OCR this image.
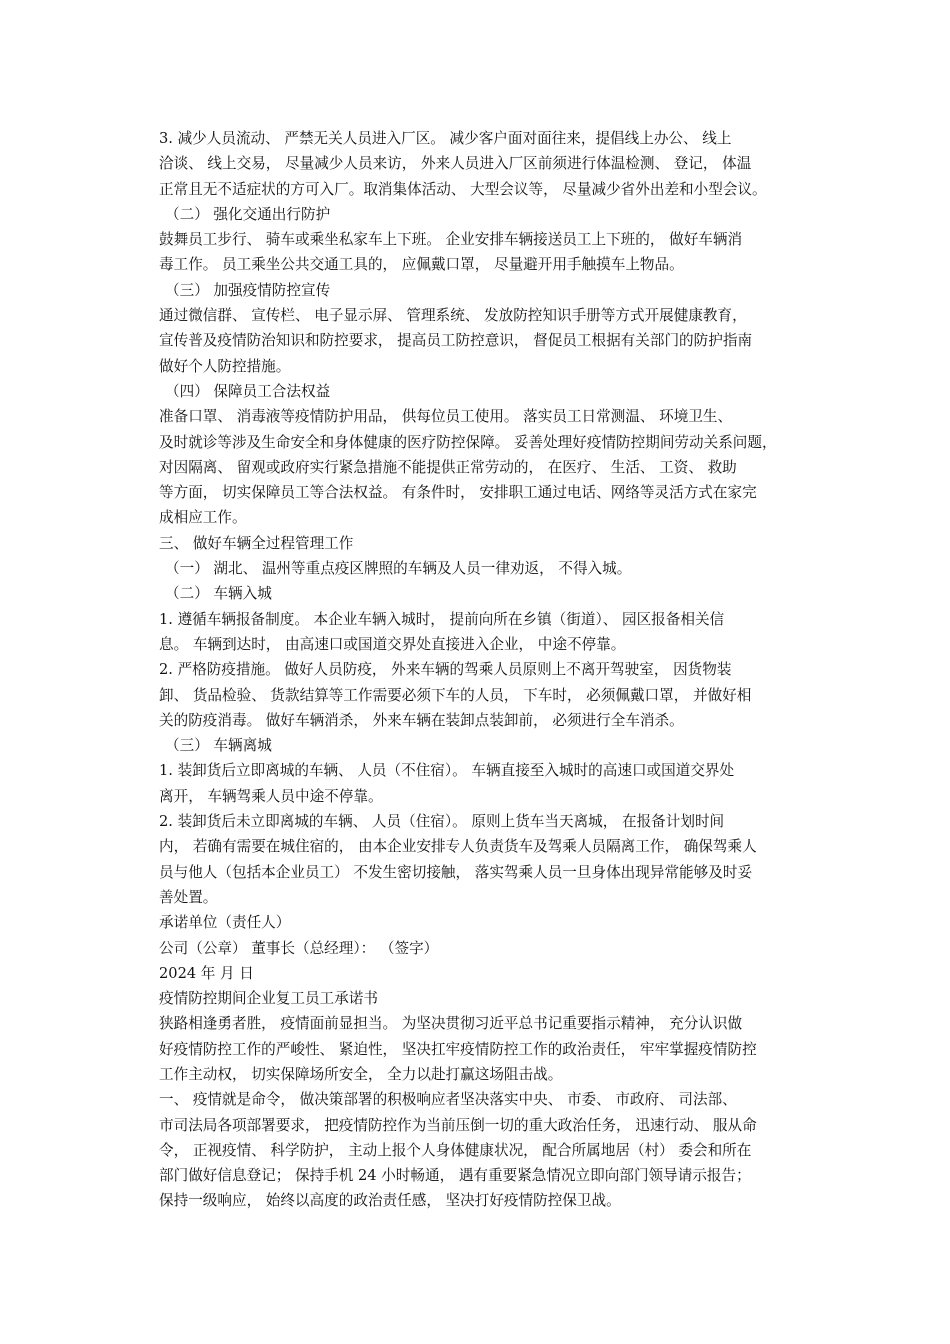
3. 减少人员流动、 严禁无关人员进入厂区。 减少客户面对面往来，提倡线上办公、 线上
洽谈、 线上交易， 尽量减少人员来访， 外来人员进入厂区前须进行体温检测、 登记， 体温
正常且无不适症状的方可入厂。取消集体活动、 大型会议等， 尽量减少省外出差和小型会议。

（二） 强化交通出行防护

鼓舞员工步行、 骑车或乘坐私家车上下班。 企业安排车辆接送员工上下班的， 做好车辆消
毒工作。 员工乘坐公共交通工具的， 应佩戴口罩， 尽量避开用手触摸车上物品。

（三） 加强疫情防控宣传

通过微信群、 宣传栏、 电子显示屏、 管理系统、 发放防控知识手册等方式开展健康教育，
宣传普及疫情防治知识和防控要求， 提高员工防控意识， 督促员工根据有关部门的防护指南
做好个人防控措施。

（四） 保障员工合法权益

准备口罩、 消毒液等疫情防护用品， 供每位员工使用。 落实员工日常测温、 环境卫生、
及时就诊等涉及生命安全和身体健康的医疗防控保障。 妥善处理好疫情防控期间劳动关系问题，
对因隔离、 留观或政府实行紧急措施不能提供正常劳动的， 在医疗、 生活、 工资、 救助
等方面， 切实保障员工等合法权益。 有条件时， 安排职工通过电话、网络等灵活方式在家完
成相应工作。

三、 做好车辆全过程管理工作

（一） 湖北、 温州等重点疫区牌照的车辆及人员一律劝返， 不得入城。

（二） 车辆入城

1. 遵循车辆报备制度。 本企业车辆入城时， 提前向所在乡镇（街道）、 园区报备相关信
息。 车辆到达时， 由高速口或国道交界处直接进入企业， 中途不停靠。

2. 严格防疫措施。 做好人员防疫， 外来车辆的驾乘人员原则上不离开驾驶室， 因货物装
卸、 货品检验、 货款结算等工作需要必须下车的人员， 下车时， 必须佩戴口罩， 并做好相
关的防疫消毒。 做好车辆消杀， 外来车辆在装卸点装卸前， 必须进行全车消杀。

（三） 车辆离城

1. 装卸货后立即离城的车辆、 人员（不住宿）。 车辆直接至入城时的高速口或国道交界处
离开， 车辆驾乘人员中途不停靠。

2. 装卸货后未立即离城的车辆、 人员（住宿）。 原则上货车当天离城， 在报备计划时间
内， 若确有需要在城住宿的， 由本企业安排专人负责货车及驾乘人员隔离工作， 确保驾乘人
员与他人（包括本企业员工） 不发生密切接触， 落实驾乘人员一旦身体出现异常能够及时妥
善处置。

承诺单位（责任人）

公司（公章） 董事长（总经理）： （签字）

2024 年 月 日

疫情防控期间企业复工员工承诺书

狭路相逢勇者胜， 疫情面前显担当。 为坚决贯彻习近平总书记重要指示精神， 充分认识做
好疫情防控工作的严峻性、 紧迫性， 坚决扛牢疫情防控工作的政治责任， 牢牢掌握疫情防控
工作主动权， 切实保障场所安全， 全力以赴打赢这场阻击战。

一、 疫情就是命令， 做决策部署的积极响应者坚决落实中央、 市委、 市政府、 司法部、
市司法局各项部署要求， 把疫情防控作为当前压倒一切的重大政治任务， 迅速行动、 服从命
令， 正视疫情、 科学防护， 主动上报个人身体健康状况， 配合所属地居（村） 委会和所在
部门做好信息登记； 保持手机 24 小时畅通， 遇有重要紧急情况立即向部门领导请示报告；
保持一级响应， 始终以高度的政治责任感， 坚决打好疫情防控保卫战。
